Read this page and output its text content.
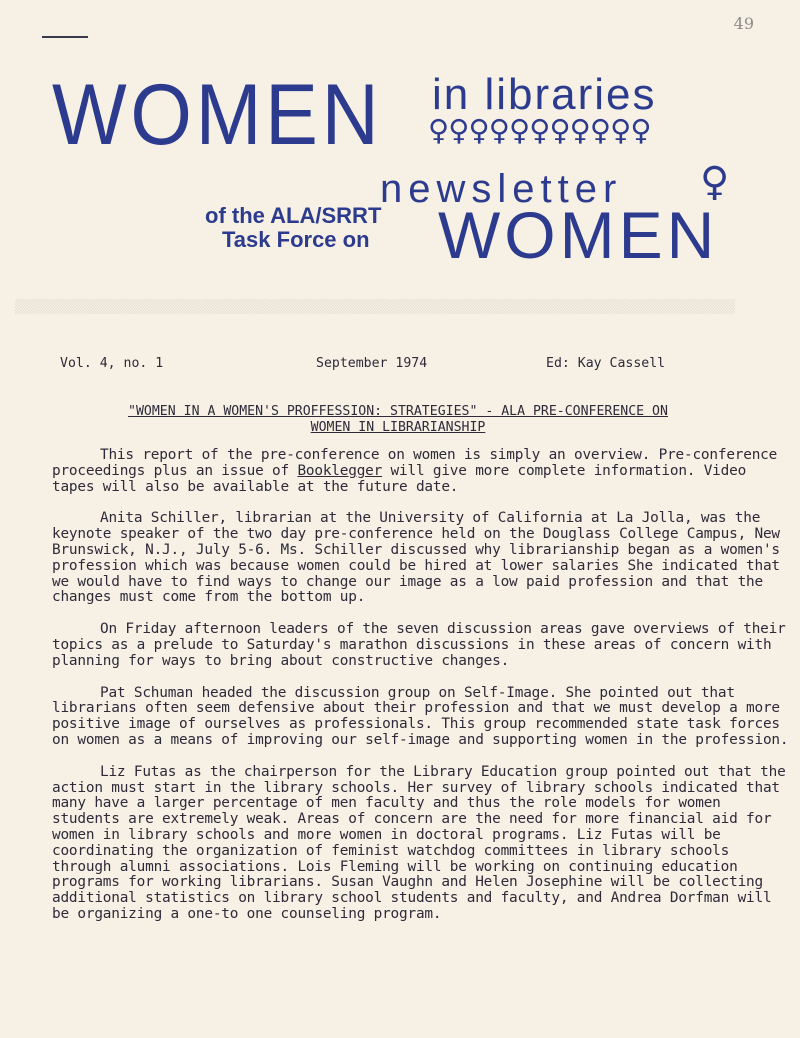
▒▒▒▒▒▒▒▒▒▒▒▒▒▒▒▒▒▒▒▒▒▒▒▒▒▒▒▒▒▒▒▒▒▒▒▒▒▒▒▒▒▒▒▒▒▒▒▒▒▒▒▒▒▒▒▒▒▒▒▒▒▒▒▒▒▒▒▒▒▒▒▒▒▒▒▒▒▒▒▒▒▒▒▒▒▒▒▒▒▒▒▒
49
WOMEN in libraries
♀♀♀♀♀♀♀♀♀♀♀
newsletter
of the ALA/SRRT
Task Force on
♀
WOMEN

Vol. 4, no. 1

	September 1974

	Ed: Kay Cassell

"WOMEN IN A WOMEN'S PROFFESSION: STRATEGIES" - ALA PRE-CONFERENCE ON
WOMEN IN LIBRARIANSHIP

This report of the pre-conference on women is simply an overview. Pre-conference proceedings plus an issue of Booklegger will give more complete information. Video tapes will also be available at the future date.

Anita Schiller, librarian at the University of California at La Jolla, was the keynote speaker of the two day pre-conference held on the Douglass College Campus, New Brunswick, N.J., July 5-6. Ms. Schiller discussed why librarianship began as a women's profession which was because women could be hired at lower salaries She indicated that we would have to find ways to change our image as a low paid profession and that the changes must come from the bottom up.

On Friday afternoon leaders of the seven discussion areas gave overviews of their topics as a prelude to Saturday's marathon discussions in these areas of concern with planning for ways to bring about constructive changes.

Pat Schuman headed the discussion group on Self-Image. She pointed out that librarians often seem defensive about their profession and that we must develop a more positive image of ourselves as professionals. This group recommended state task forces on women as a means of improving our self-image and supporting women in the profession.

Liz Futas as the chairperson for the Library Education group pointed out that the action must start in the library schools. Her survey of library schools indicated that many have a larger percentage of men faculty and thus the role models for women students are extremely weak. Areas of concern are the need for more financial aid for women in library schools and more women in doctoral programs. Liz Futas will be coordinating the organization of feminist watchdog committees in library schools through alumni associations. Lois Fleming will be working on continuing education programs for working librarians. Susan Vaughn and Helen Josephine will be collecting additional statistics on library school students and faculty, and Andrea Dorfman will be organizing a one-to one counseling program.
